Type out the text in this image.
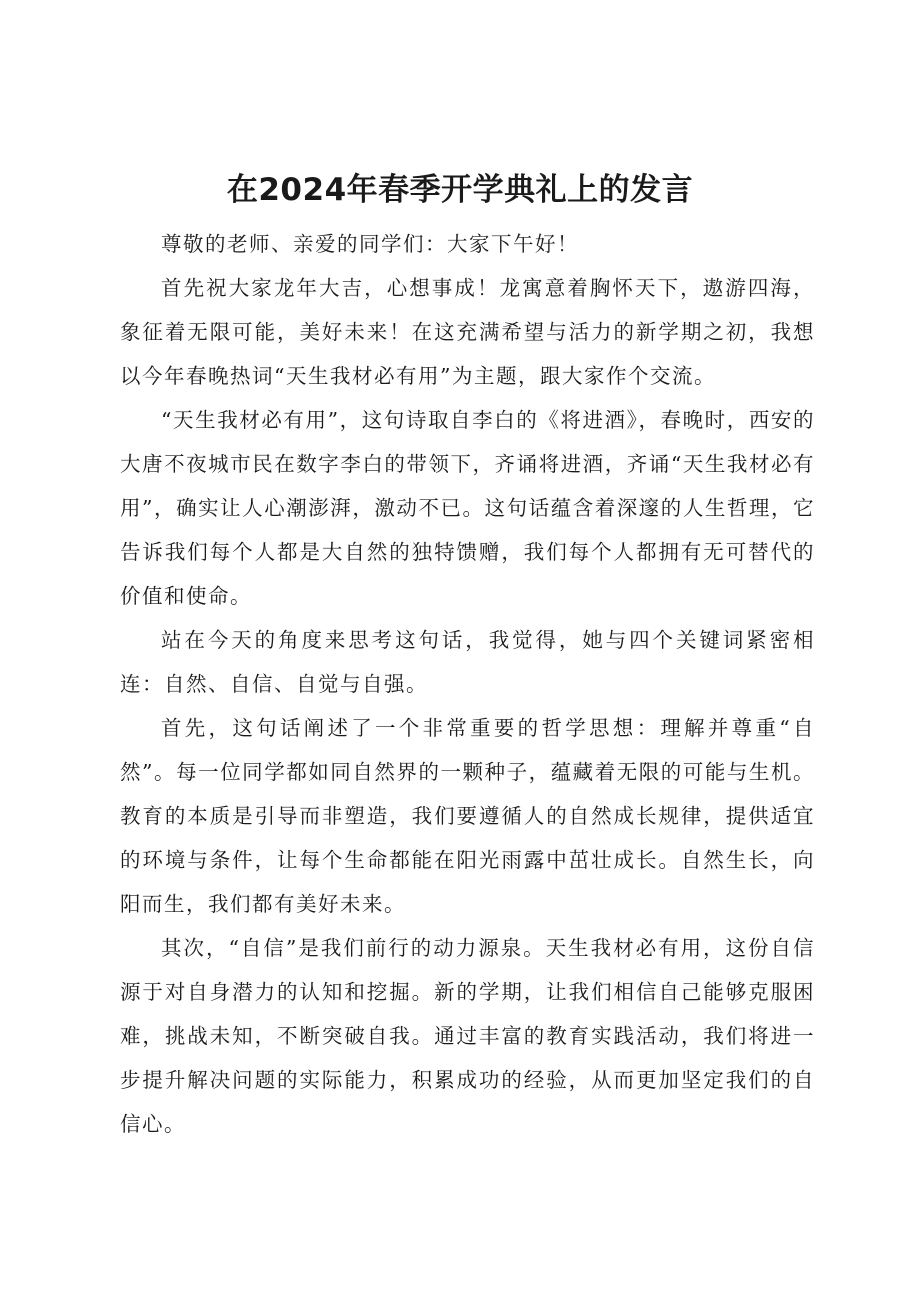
在2024年春季开学典礼上的发言

尊敬的老师、亲爱的同学们：大家下午好！

首先祝大家龙年大吉，心想事成！龙寓意着胸怀天下，遨游四海，象征着无限可能，美好未来！在这充满希望与活力的新学期之初，我想以今年春晚热词“天生我材必有用”为主题，跟大家作个交流。

“天生我材必有用”，这句诗取自李白的《将进酒》，春晚时，西安的大唐不夜城市民在数字李白的带领下，齐诵将进酒，齐诵“天生我材必有用”，确实让人心潮澎湃，激动不已。这句话蕴含着深邃的人生哲理，它告诉我们每个人都是大自然的独特馈赠，我们每个人都拥有无可替代的价值和使命。

站在今天的角度来思考这句话，我觉得，她与四个关键词紧密相连：自然、自信、自觉与自强。

首先，这句话阐述了一个非常重要的哲学思想：理解并尊重“自然”。每一位同学都如同自然界的一颗种子，蕴藏着无限的可能与生机。教育的本质是引导而非塑造，我们要遵循人的自然成长规律，提供适宜的环境与条件，让每个生命都能在阳光雨露中茁壮成长。自然生长，向阳而生，我们都有美好未来。

其次，“自信”是我们前行的动力源泉。天生我材必有用，这份自信源于对自身潜力的认知和挖掘。新的学期，让我们相信自己能够克服困难，挑战未知，不断突破自我。通过丰富的教育实践活动，我们将进一步提升解决问题的实际能力，积累成功的经验，从而更加坚定我们的自信心。
